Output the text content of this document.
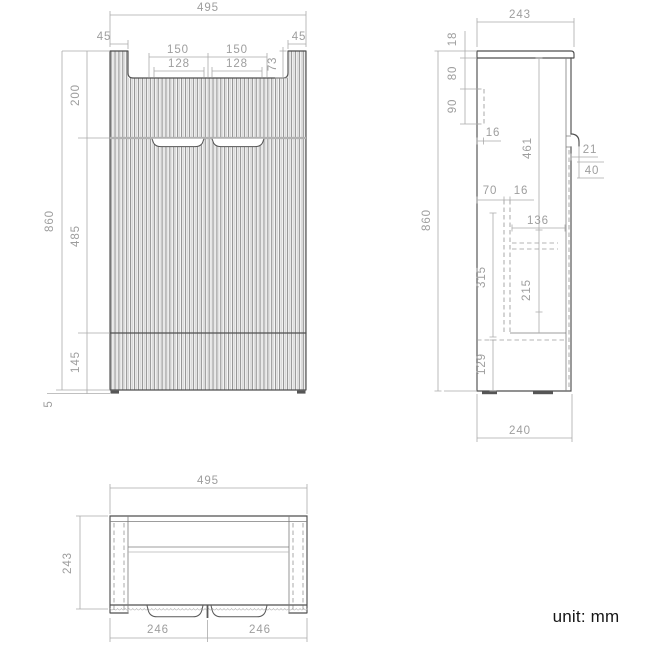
495
45	45
150	150
128	128 73
200
485
145
5
860
243
18
80
90
16
461	21
40
70 16
136
315
215
129
240
860
495
243
246	246
unit: mm
